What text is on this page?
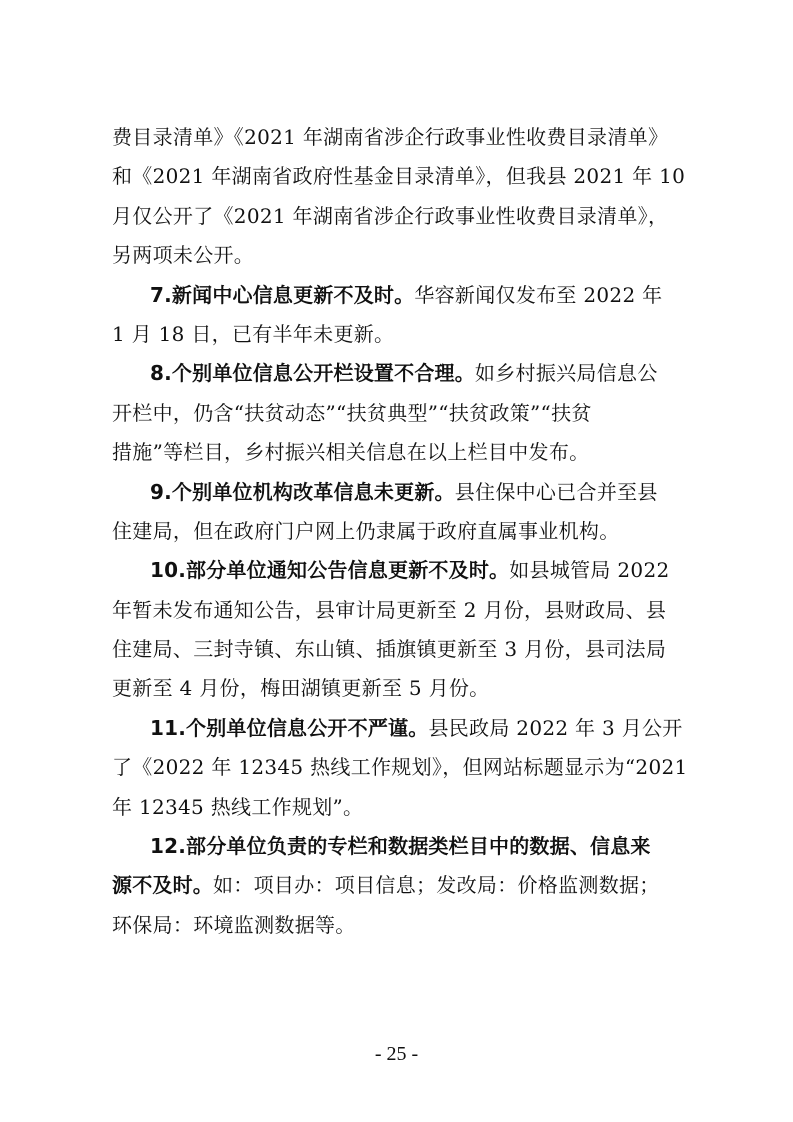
费目录清单》《2021 年湖南省涉企行政事业性收费目录清单》
和《2021 年湖南省政府性基金目录清单》，但我县 2021 年 10
月仅公开了《2021 年湖南省涉企行政事业性收费目录清单》，
另两项未公开。
7.新闻中心信息更新不及时。华容新闻仅发布至 2022 年
1 月 18 日，已有半年未更新。
8.个别单位信息公开栏设置不合理。如乡村振兴局信息公
开栏中，仍含“扶贫动态”“扶贫典型”“扶贫政策”“扶贫
措施”等栏目，乡村振兴相关信息在以上栏目中发布。
9.个别单位机构改革信息未更新。县住保中心已合并至县
住建局，但在政府门户网上仍隶属于政府直属事业机构。
10.部分单位通知公告信息更新不及时。如县城管局 2022
年暂未发布通知公告，县审计局更新至 2 月份，县财政局、县
住建局、三封寺镇、东山镇、插旗镇更新至 3 月份，县司法局
更新至 4 月份，梅田湖镇更新至 5 月份。
11.个别单位信息公开不严谨。县民政局 2022 年 3 月公开
了《2022 年 12345 热线工作规划》，但网站标题显示为“2021
年 12345 热线工作规划”。
12.部分单位负责的专栏和数据类栏目中的数据、信息来
源不及时。如：项目办：项目信息；发改局：价格监测数据；
环保局：环境监测数据等。
- 25 -
